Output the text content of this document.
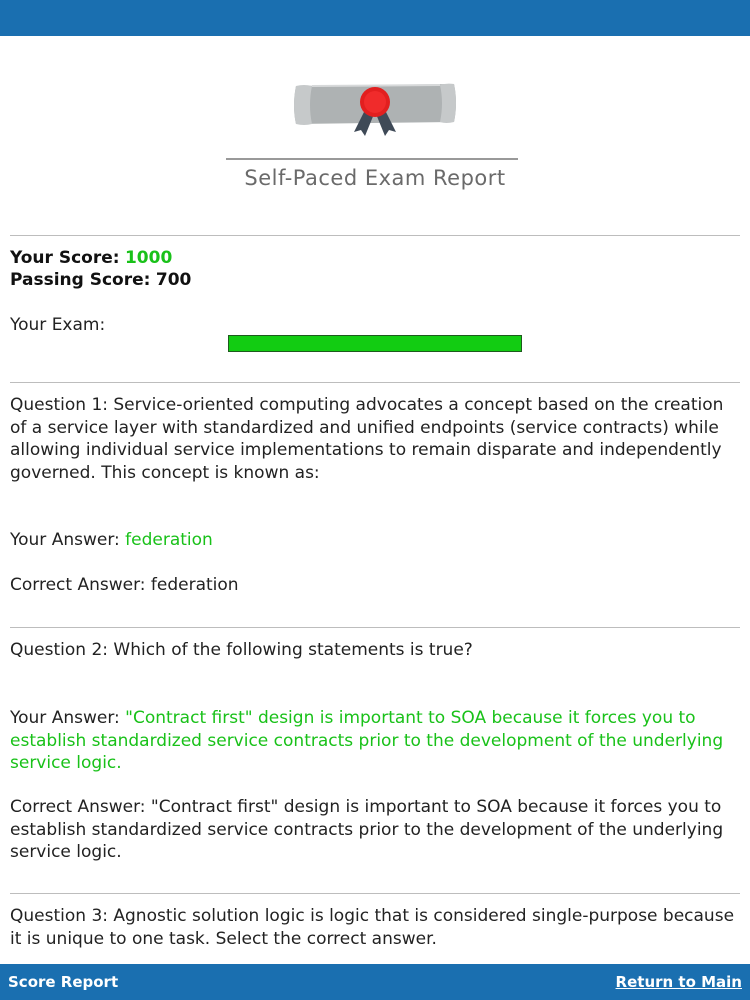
Self-Paced Exam Report
Your Score: 1000
Passing Score: 700
Your Exam:
Question 1: Service-oriented computing advocates a concept based on the creation of a service layer with standardized and unified endpoints (service contracts) while allowing individual service implementations to remain disparate and independently governed. This concept is known as:
Your Answer: federation
Correct Answer: federation
Question 2: Which of the following statements is true?
Your Answer: "Contract first" design is important to SOA because it forces you to establish standardized service contracts prior to the development of the underlying service logic.
Correct Answer: "Contract first" design is important to SOA because it forces you to establish standardized service contracts prior to the development of the underlying service logic.
Question 3: Agnostic solution logic is logic that is considered single-purpose because it is unique to one task. Select the correct answer.
Score Report	Return to Main
